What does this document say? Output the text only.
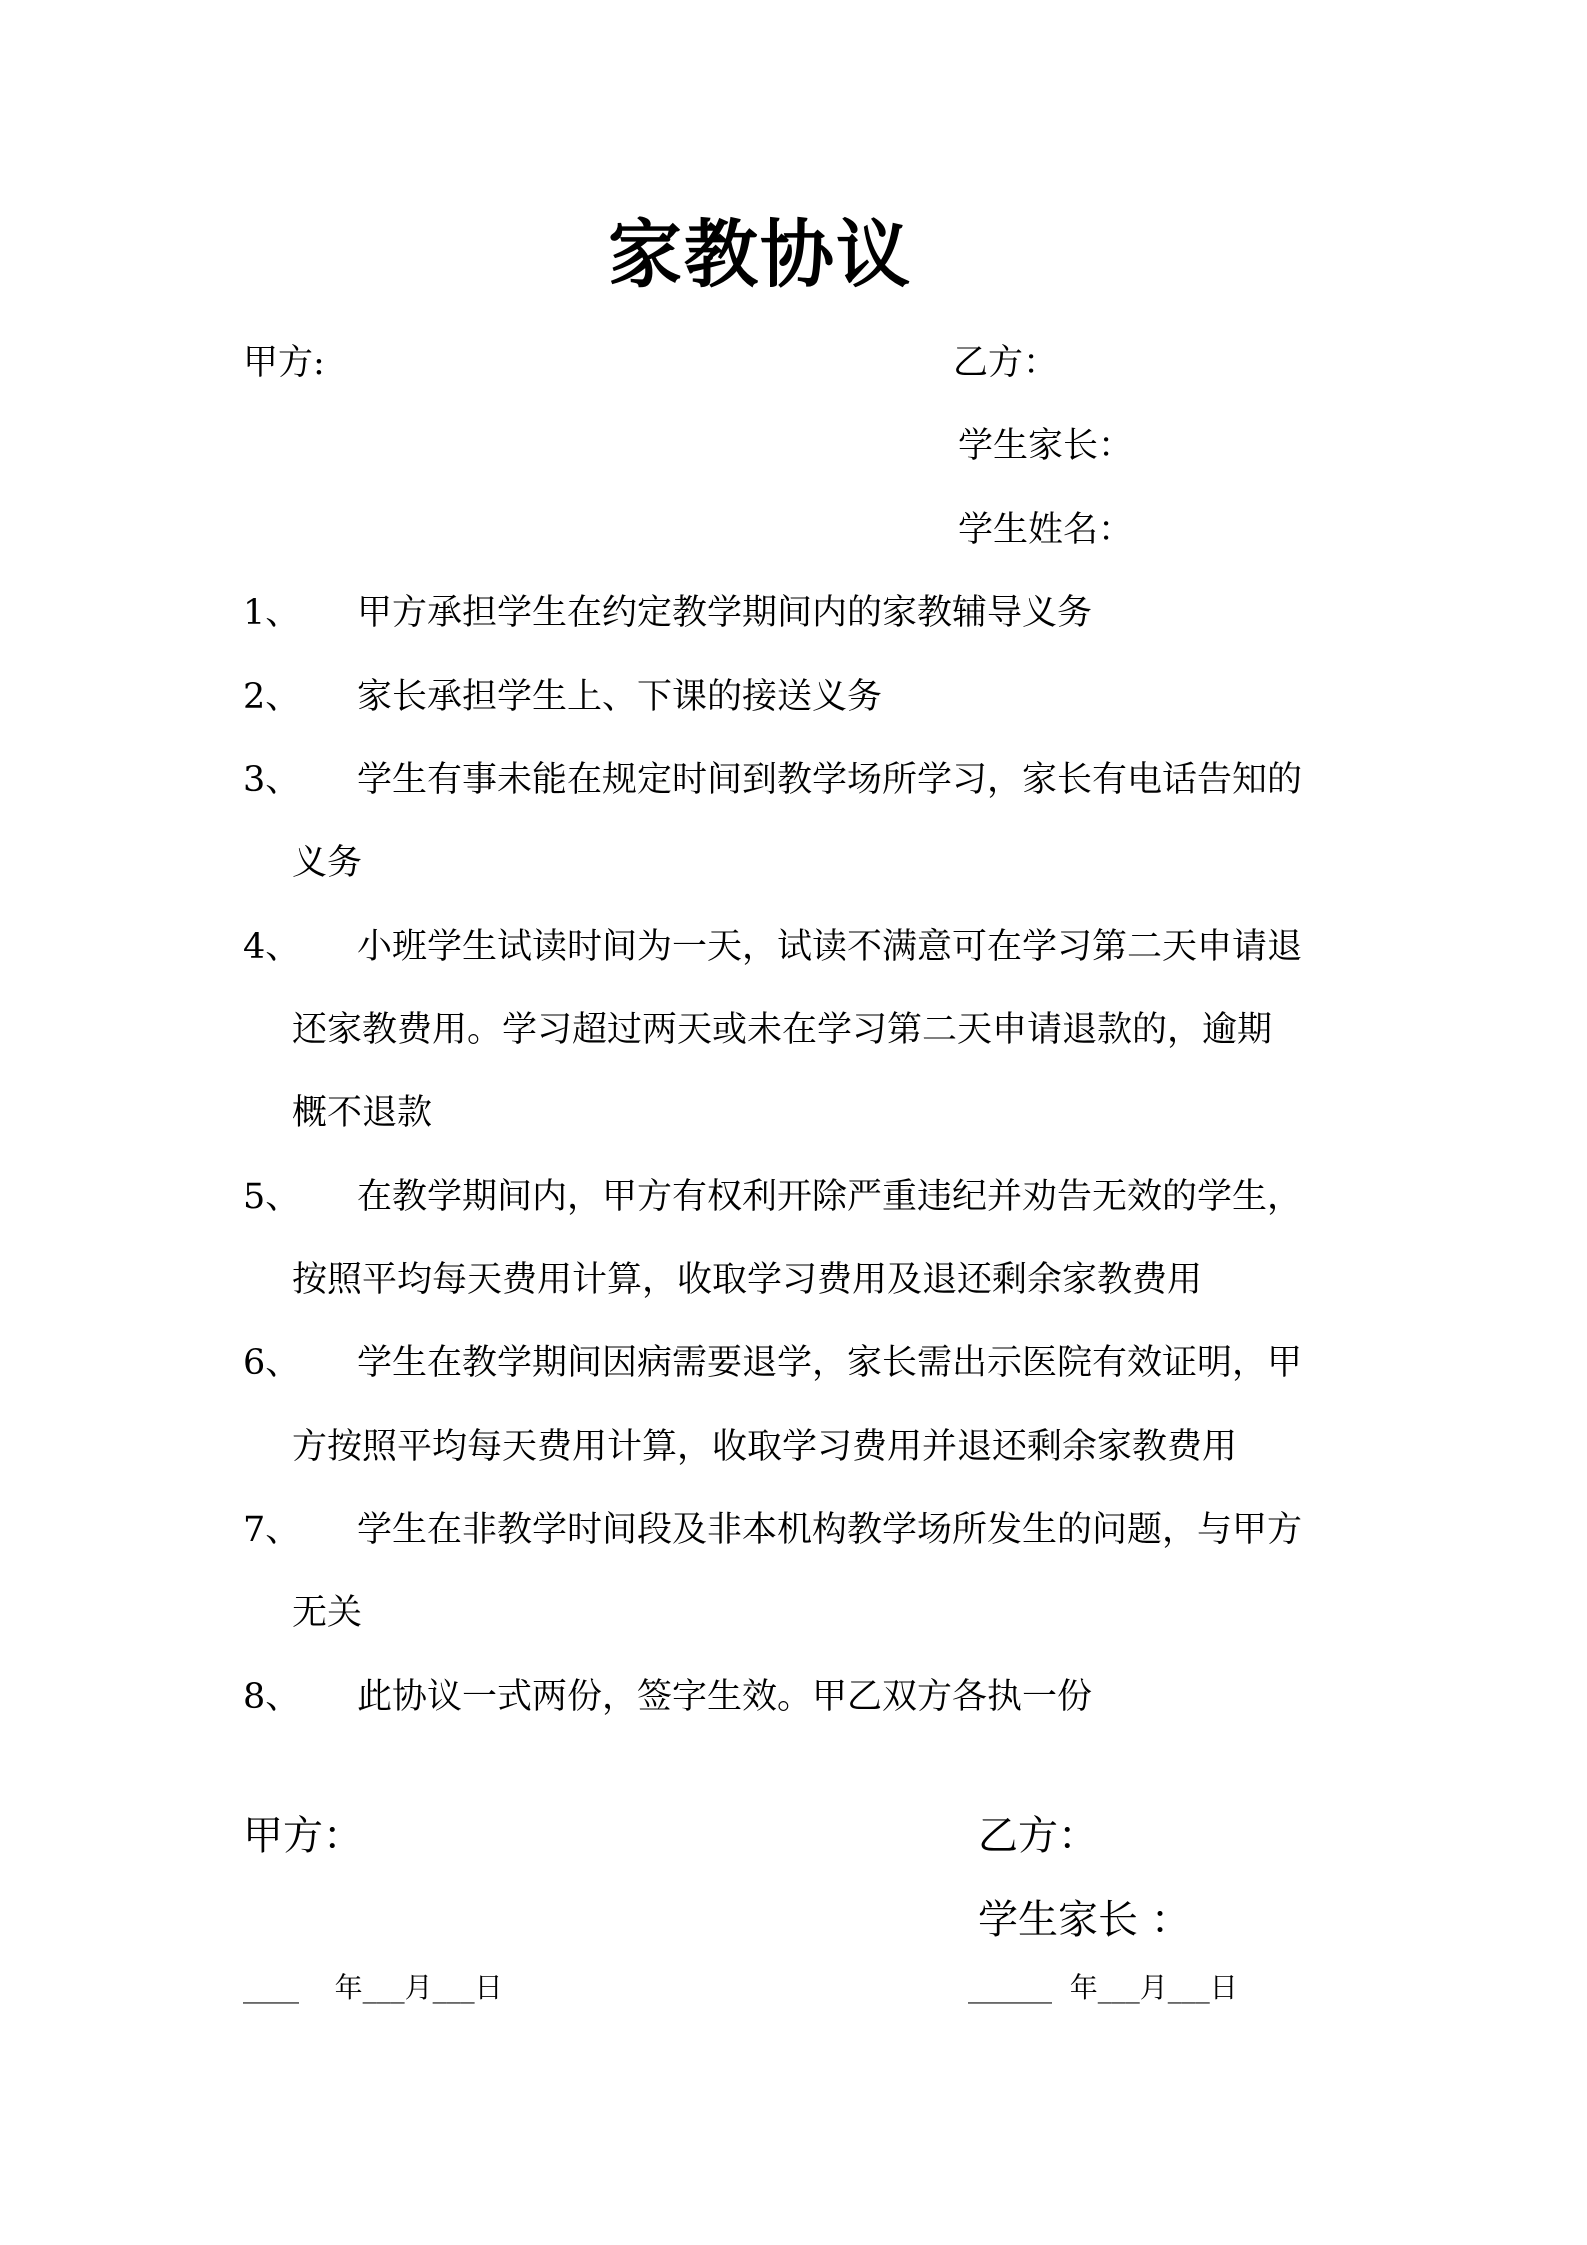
家教协议
甲方:	乙方：
学生家长：
学生姓名：
1、 甲方承担学生在约定教学期间内的家教辅导义务
2、 家长承担学生上、下课的接送义务
3、 学生有事未能在规定时间到教学场所学习，家长有电话告知的
义务
4、 小班学生试读时间为一天，试读不满意可在学习第二天申请退
还家教费用。学习超过两天或未在学习第二天申请退款的，逾期
概不退款
5、 在教学期间内，甲方有权利开除严重违纪并劝告无效的学生，
按照平均每天费用计算，收取学习费用及退还剩余家教费用
6、 学生在教学期间因病需要退学，家长需出示医院有效证明，甲
方按照平均每天费用计算，收取学习费用并退还剩余家教费用
7、 学生在非教学时间段及非本机构教学场所发生的问题，与甲方
无关
8、 此协议一式两份，签字生效。甲乙双方各执一份
甲方：	乙方：
学生家长 ：
____    年___月___日	______  年___月___日
